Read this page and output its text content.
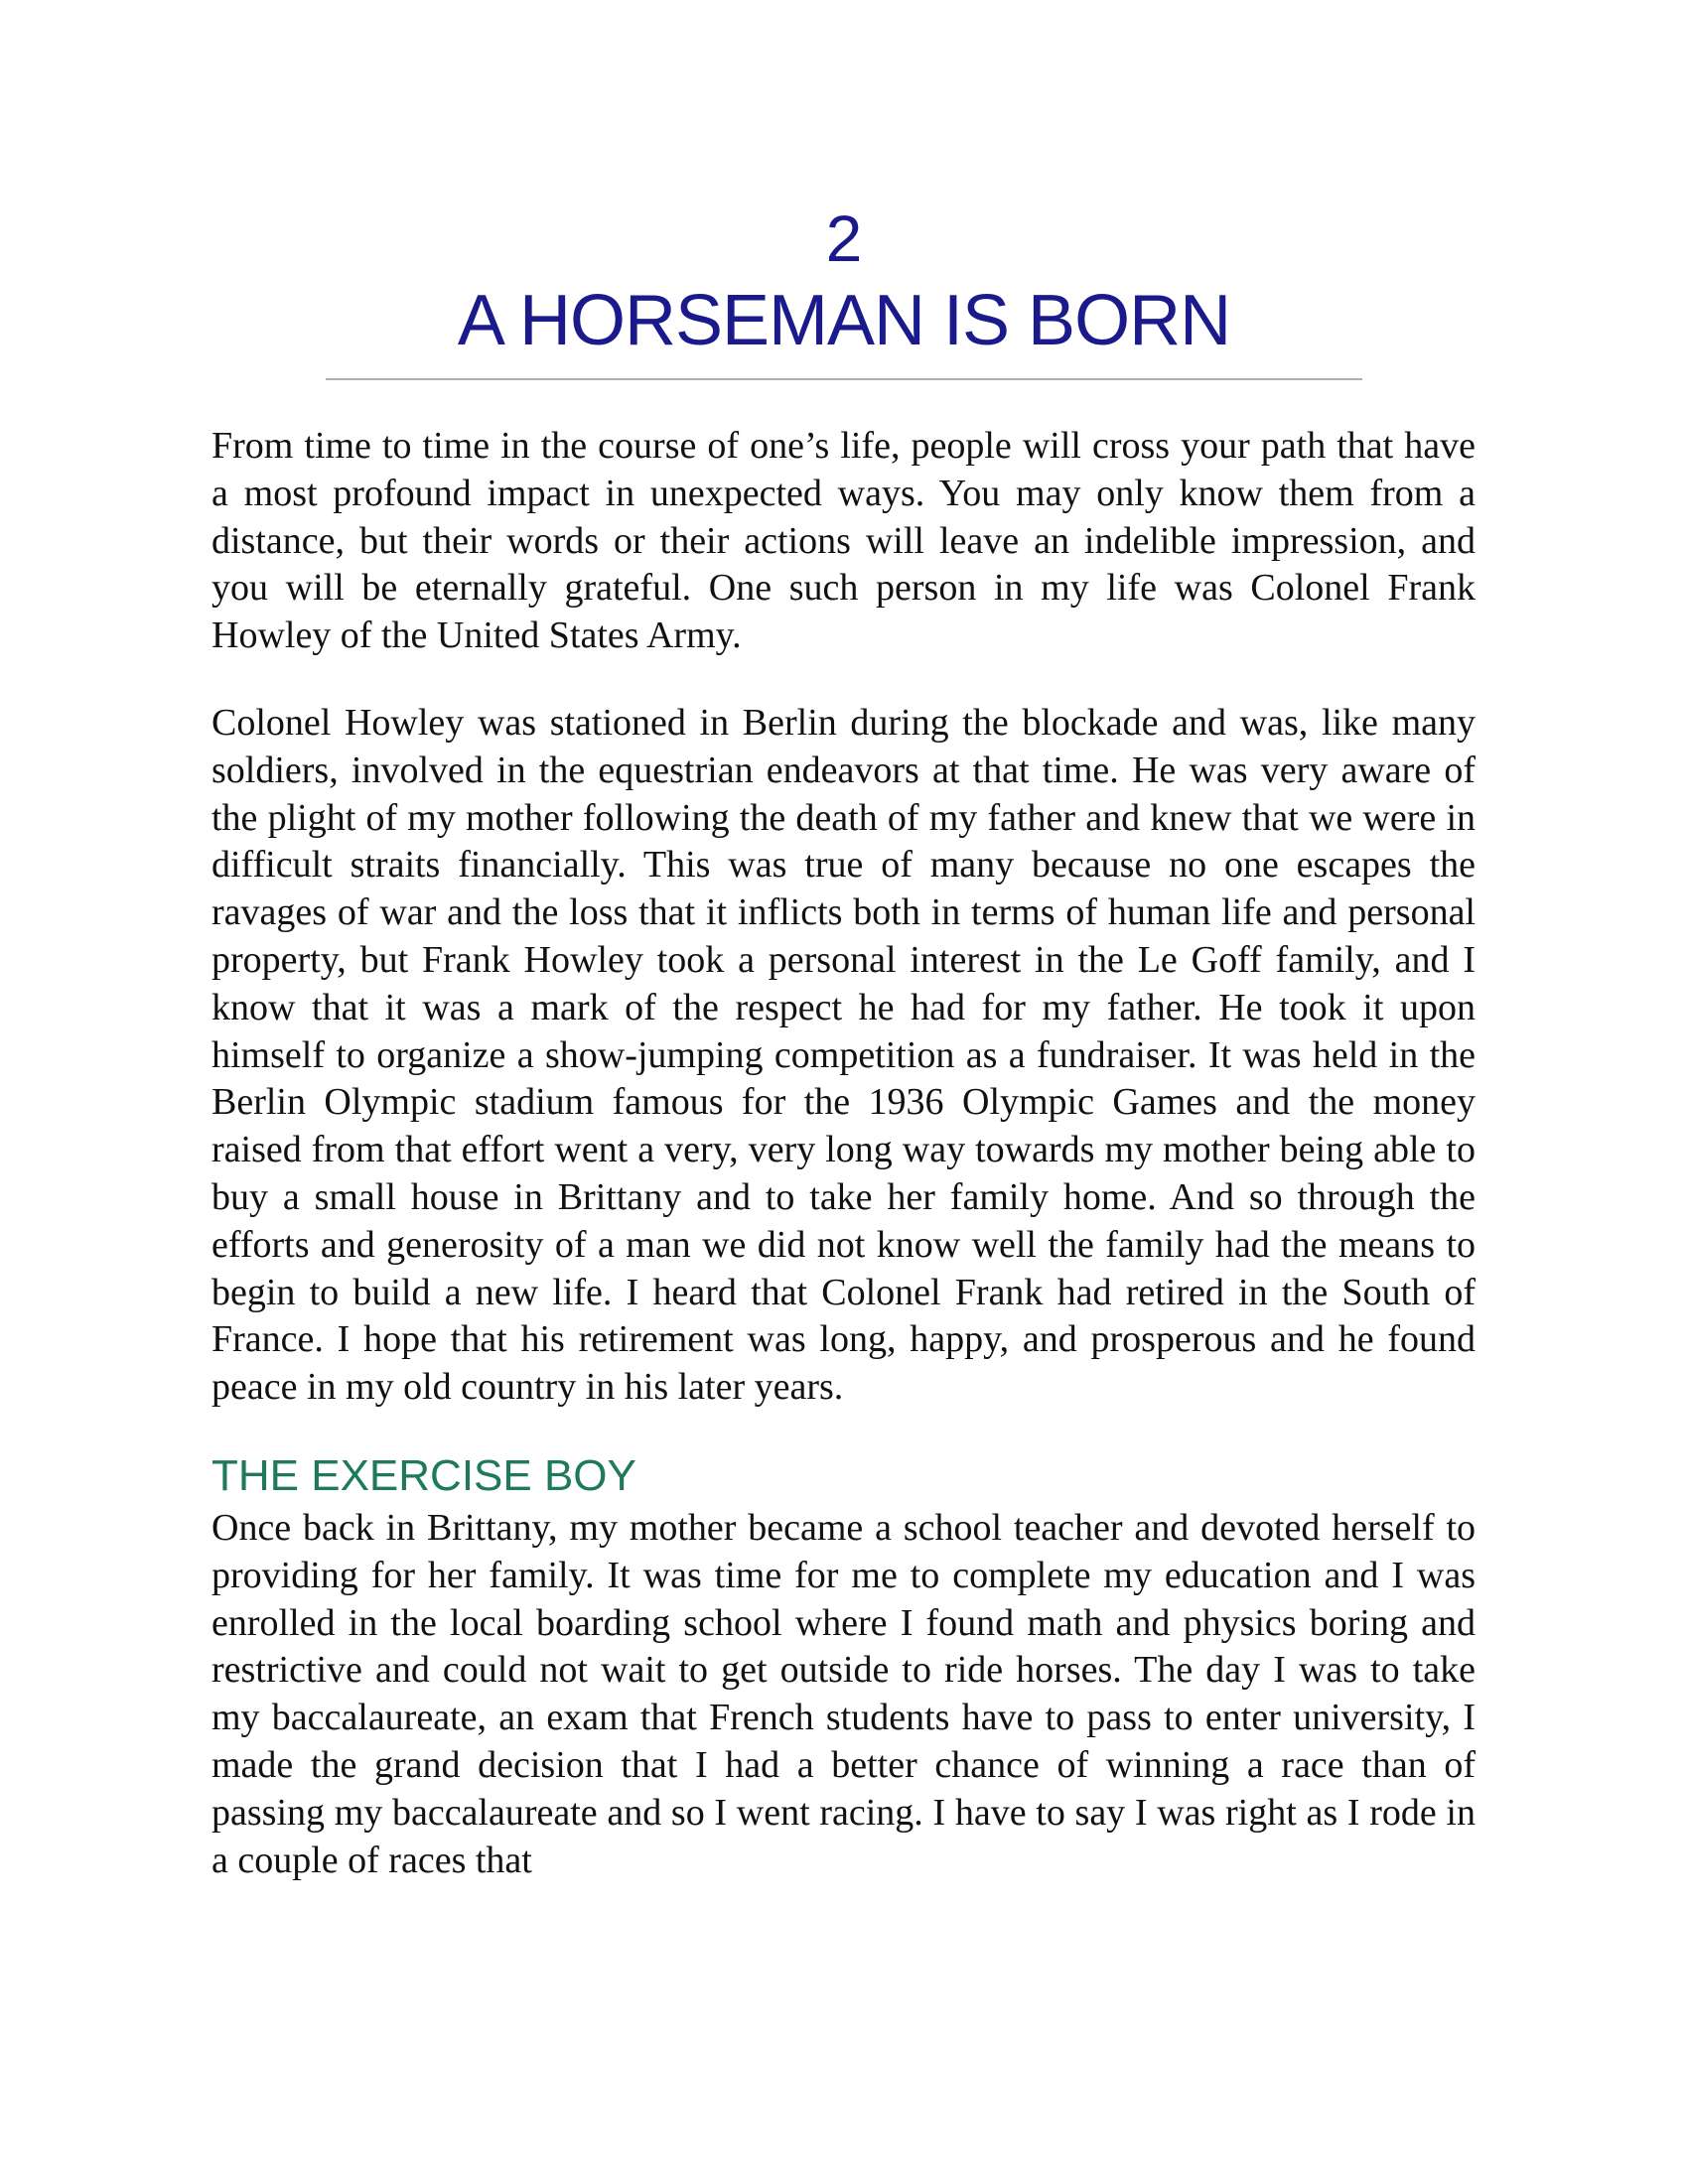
2
A HORSEMAN IS BORN

From time to time in the course of one’s life, people will cross your path that have a most profound impact in unexpected ways. You may only know them from a distance, but their words or their actions will leave an indelible impression, and you will be eternally grateful. One such person in my life was Colonel Frank Howley of the United States Army.

Colonel Howley was stationed in Berlin during the blockade and was, like many soldiers, involved in the equestrian endeavors at that time. He was very aware of the plight of my mother following the death of my father and knew that we were in difficult straits financially. This was true of many because no one escapes the ravages of war and the loss that it inflicts both in terms of human life and personal property, but Frank Howley took a personal interest in the Le Goff family, and I know that it was a mark of the respect he had for my father. He took it upon himself to organize a show-jumping competition as a fundraiser. It was held in the Berlin Olympic stadium famous for the 1936 Olympic Games and the money raised from that effort went a very, very long way towards my mother being able to buy a small house in Brittany and to take her family home. And so through the efforts and generosity of a man we did not know well the family had the means to begin to build a new life. I heard that Colonel Frank had retired in the South of France. I hope that his retirement was long, happy, and prosperous and he found peace in my old country in his later years.

THE EXERCISE BOY

Once back in Brittany, my mother became a school teacher and devoted herself to providing for her family. It was time for me to complete my education and I was enrolled in the local boarding school where I found math and physics boring and restrictive and could not wait to get outside to ride horses. The day I was to take my baccalaureate, an exam that French students have to pass to enter university, I made the grand decision that I had a better chance of winning a race than of passing my baccalaureate and so I went racing. I have to say I was right as I rode in a couple of races that
